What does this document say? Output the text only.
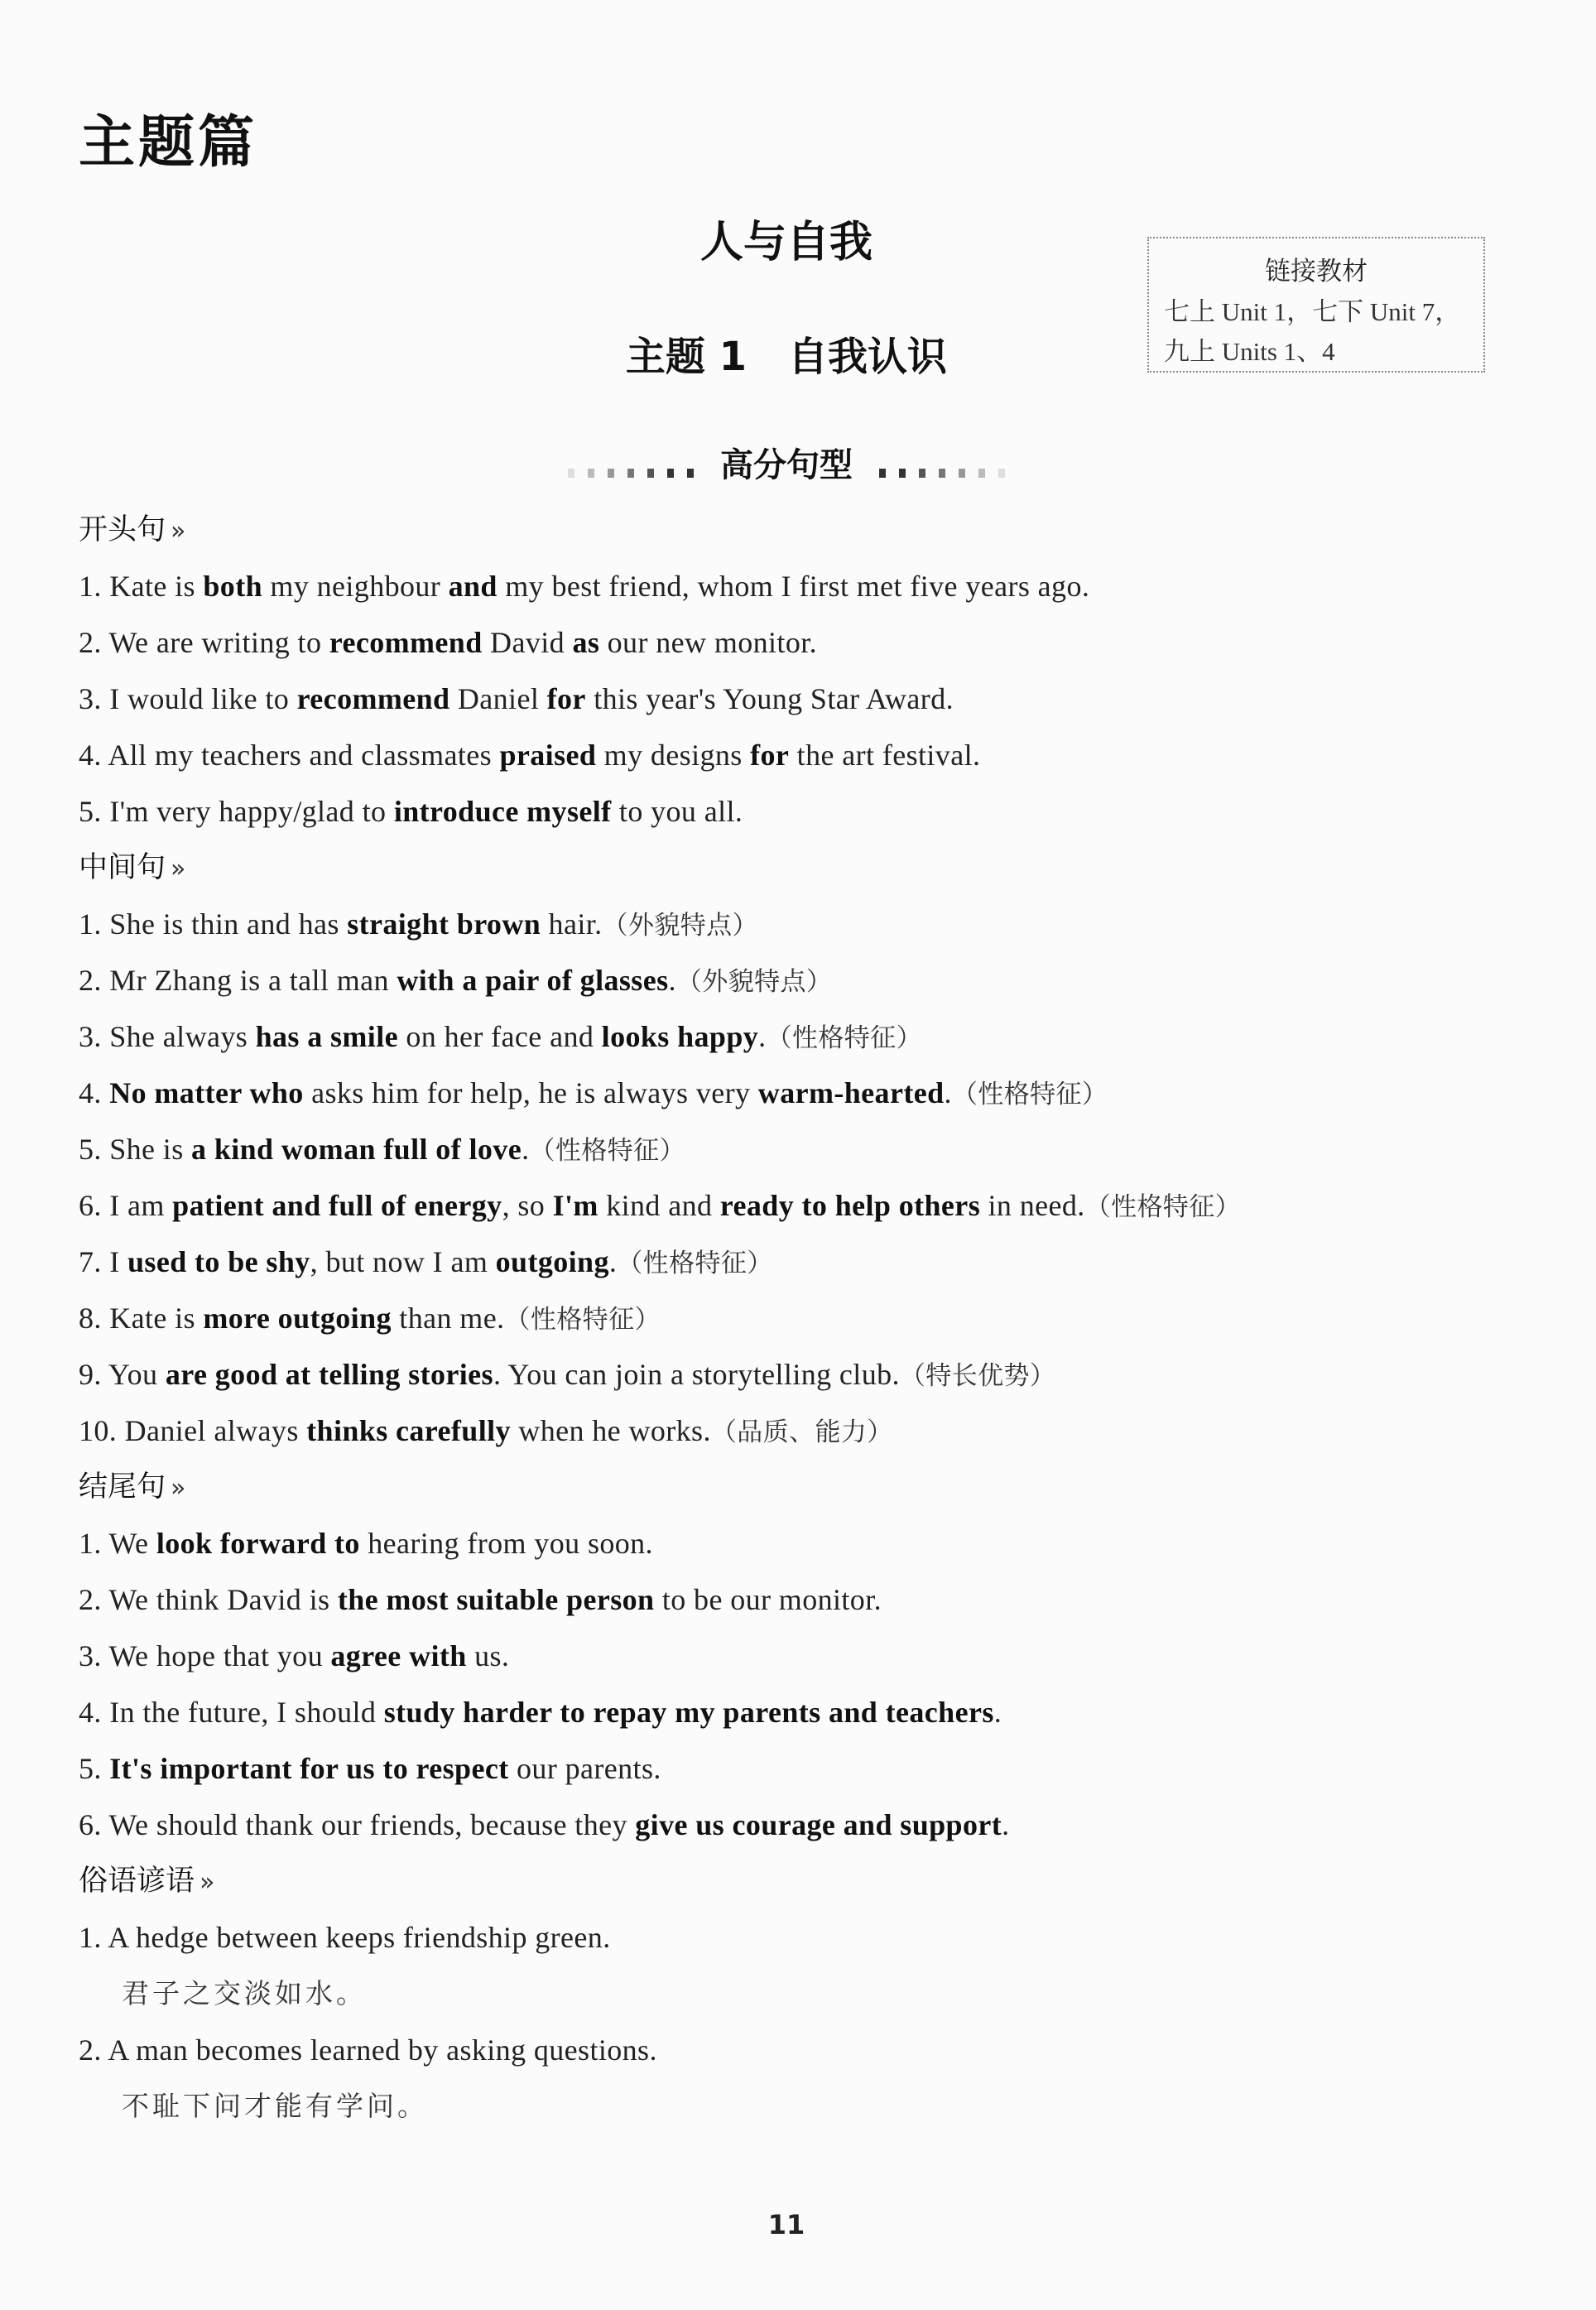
主题篇
人与自我
主题 1 自我认识
链接教材
七上 Unit 1，七下 Unit 7，
九上 Units 1、4
高分句型
开头句 »
1. Kate is both my neighbour and my best friend, whom I first met five years ago.
2. We are writing to recommend David as our new monitor.
3. I would like to recommend Daniel for this year's Young Star Award.
4. All my teachers and classmates praised my designs for the art festival.
5. I'm very happy/glad to introduce myself to you all.
中间句 »
1. She is thin and has straight brown hair.（外貌特点）
2. Mr Zhang is a tall man with a pair of glasses.（外貌特点）
3. She always has a smile on her face and looks happy.（性格特征）
4. No matter who asks him for help, he is always very warm-hearted.（性格特征）
5. She is a kind woman full of love.（性格特征）
6. I am patient and full of energy, so I'm kind and ready to help others in need.（性格特征）
7. I used to be shy, but now I am outgoing.（性格特征）
8. Kate is more outgoing than me.（性格特征）
9. You are good at telling stories. You can join a storytelling club.（特长优势）
10. Daniel always thinks carefully when he works.（品质、能力）
结尾句 »
1. We look forward to hearing from you soon.
2. We think David is the most suitable person to be our monitor.
3. We hope that you agree with us.
4. In the future, I should study harder to repay my parents and teachers.
5. It's important for us to respect our parents.
6. We should thank our friends, because they give us courage and support.
俗语谚语 »
1. A hedge between keeps friendship green.
君子之交淡如水。
2. A man becomes learned by asking questions.
不耻下问才能有学问。
11
